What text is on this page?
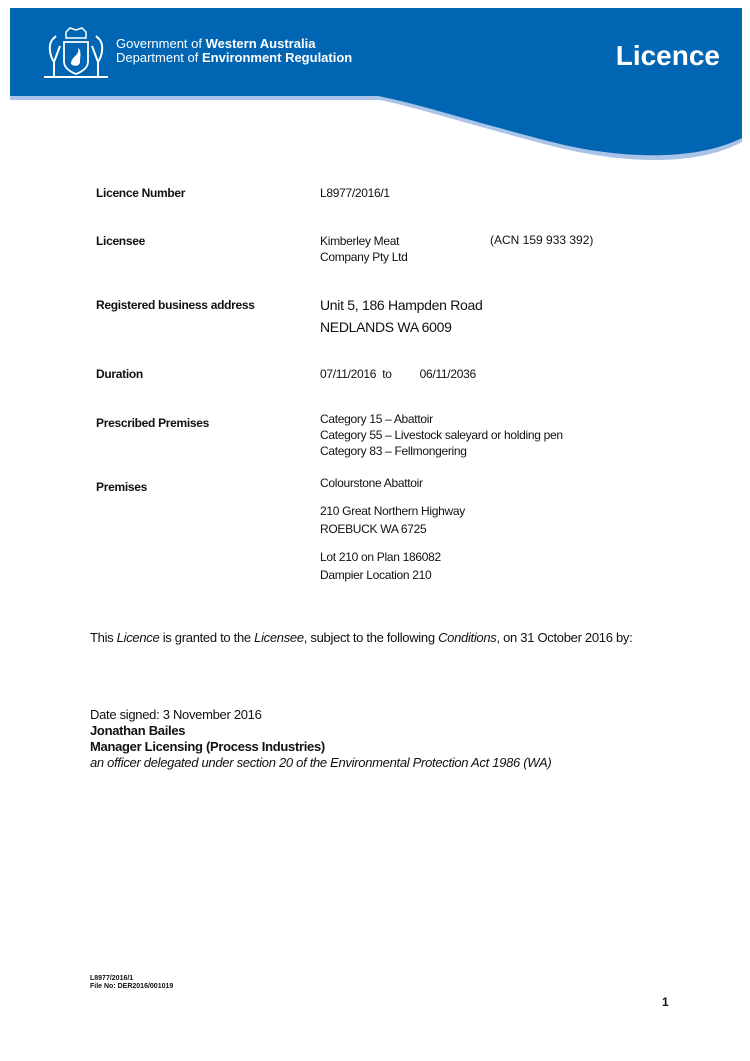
Government of Western Australia
Department of Environment Regulation	Licence
Licence Number	L8977/2016/1
Licensee	Kimberley Meat
Company Pty Ltd
(ACN 159 933 392)
Registered business address	Unit 5, 186 Hampden Road
NEDLANDS WA 6009
Duration	07/11/2016 to 06/11/2036
Prescribed Premises	Category 15 – Abattoir
Category 55 – Livestock saleyard or holding pen
Category 83 – Fellmongering
Premises	Colourstone Abattoir
210 Great Northern Highway
ROEBUCK WA 6725
Lot 210 on Plan 186082
Dampier Location 210
This Licence is granted to the Licensee, subject to the following Conditions, on 31 October 2016 by:
Date signed: 3 November 2016
Jonathan Bailes
Manager Licensing (Process Industries)
an officer delegated under section 20 of the Environmental Protection Act 1986 (WA)
L8977/2016/1
File No: DER2016/001019
1
